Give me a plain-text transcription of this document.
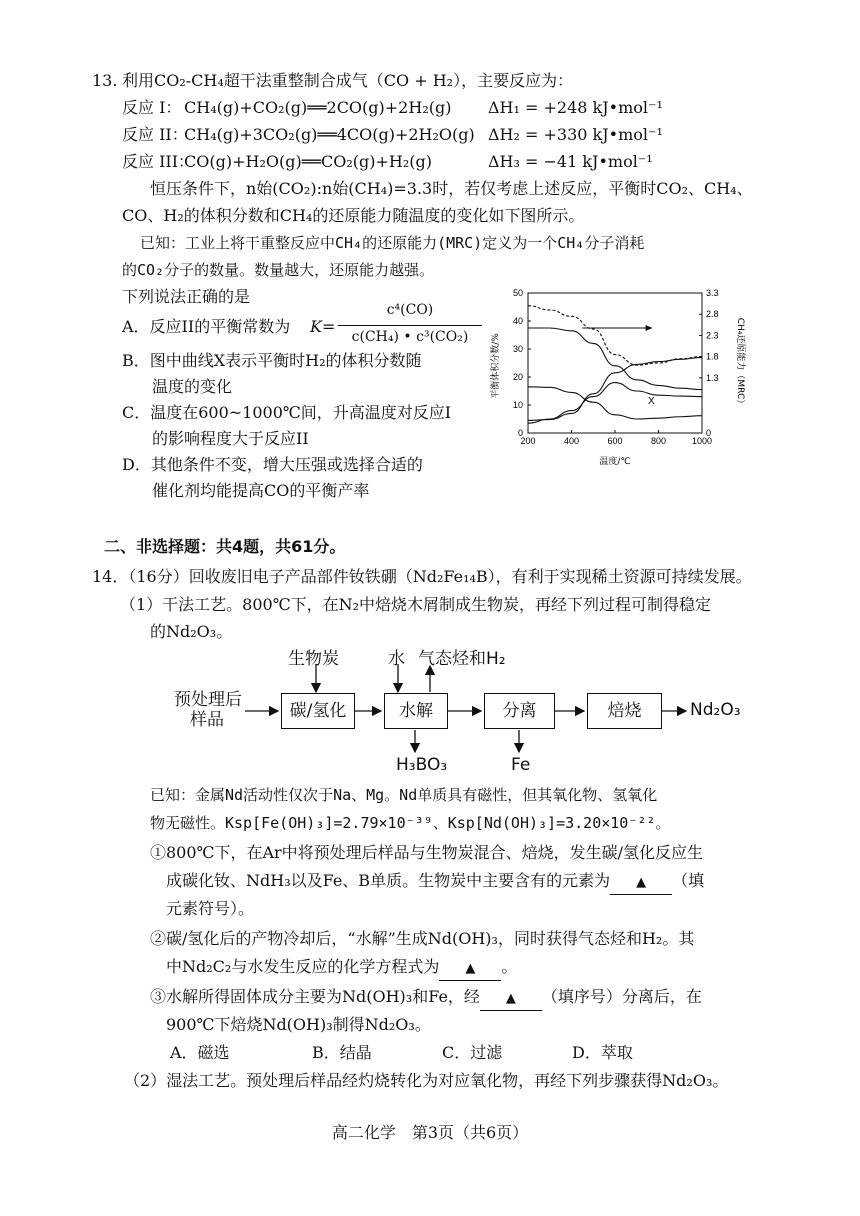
13. 利用CO₂-CH₄超干法重整制合成气（CO + H₂），主要反应为：
反应 I： CH₄(g)+CO₂(g)══2CO(g)+2H₂(g) ΔH₁ = +248 kJ•mol⁻¹
反应 II：
CH₄(g)+3CO₂(g)══4CO(g)+2H₂O(g) ΔH₂ = +330 kJ•mol⁻¹
反应 III：
CO(g)+H₂O(g)══CO₂(g)+H₂(g)	ΔH₃ = −41 kJ•mol⁻¹
恒压条件下，n始(CO₂):n始(CH₄)=3.3时，若仅考虑上述反应，平衡时CO₂、CH₄、
CO、H₂的体积分数和CH₄的还原能力随温度的变化如下图所示。
已知：工业上将干重整反应中CH₄的还原能力(MRC)定义为一个CH₄分子消耗
的CO₂分子的数量。数量越大，还原能力越强。
下列说法正确的是
A．反应II的平衡常数为 K=
c⁴(CO)
c(CH₄) • c³(CO₂)
B．图中曲线X表示平衡时H₂的体积分数随
温度的变化
C．温度在600~1000℃间，升高温度对反应I
的影响程度大于反应II
D．其他条件不变，增大压强或选择合适的
催化剂均能提高CO的平衡产率
200	400	600	800	1000
0
10
20
30
40
50
0
1.3
1.8
2.3
2.8
3.3
平衡体积分数/%	CH₄还原能力（MRC）
温度/℃
X
二、非选择题：共4题，共61分。
14．（16分）回收废旧电子产品部件钕铁硼（Nd₂Fe₁₄B），有利于实现稀土资源可持续发展。
（1）干法工艺。800℃下，在N₂中焙烧木屑制成生物炭，再经下列过程可制得稳定
的Nd₂O₃。
预处理后
样品	碳/氢化	水解	分离	焙烧	Nd₂O₃
生物炭	水 气态烃和H₂
H₃BO₃	Fe
已知：金属Nd活动性仅次于Na、Mg。Nd单质具有磁性，但其氧化物、氢氧化
物无磁性。Ksp[Fe(OH)₃]=2.79×10⁻³⁹、Ksp[Nd(OH)₃]=3.20×10⁻²²。
①800℃下，在Ar中将预处理后样品与生物炭混合、焙烧，发生碳/氢化反应生
成碳化钕、NdH₃以及Fe、B单质。生物炭中主要含有的元素为 ▲ （填
元素符号）。
②碳/氢化后的产物冷却后，“水解”生成Nd(OH)₃，同时获得气态烃和H₂。其
中Nd₂C₂与水发生反应的化学方程式为 ▲ 。
③水解所得固体成分主要为Nd(OH)₃和Fe，经 ▲ （填序号）分离后，在
900℃下焙烧Nd(OH)₃制得Nd₂O₃。
A．磁选	B．结晶	C．过滤	D．萃取
（2）湿法工艺。预处理后样品经灼烧转化为对应氧化物，再经下列步骤获得Nd₂O₃。
高二化学　第3页（共6页）
